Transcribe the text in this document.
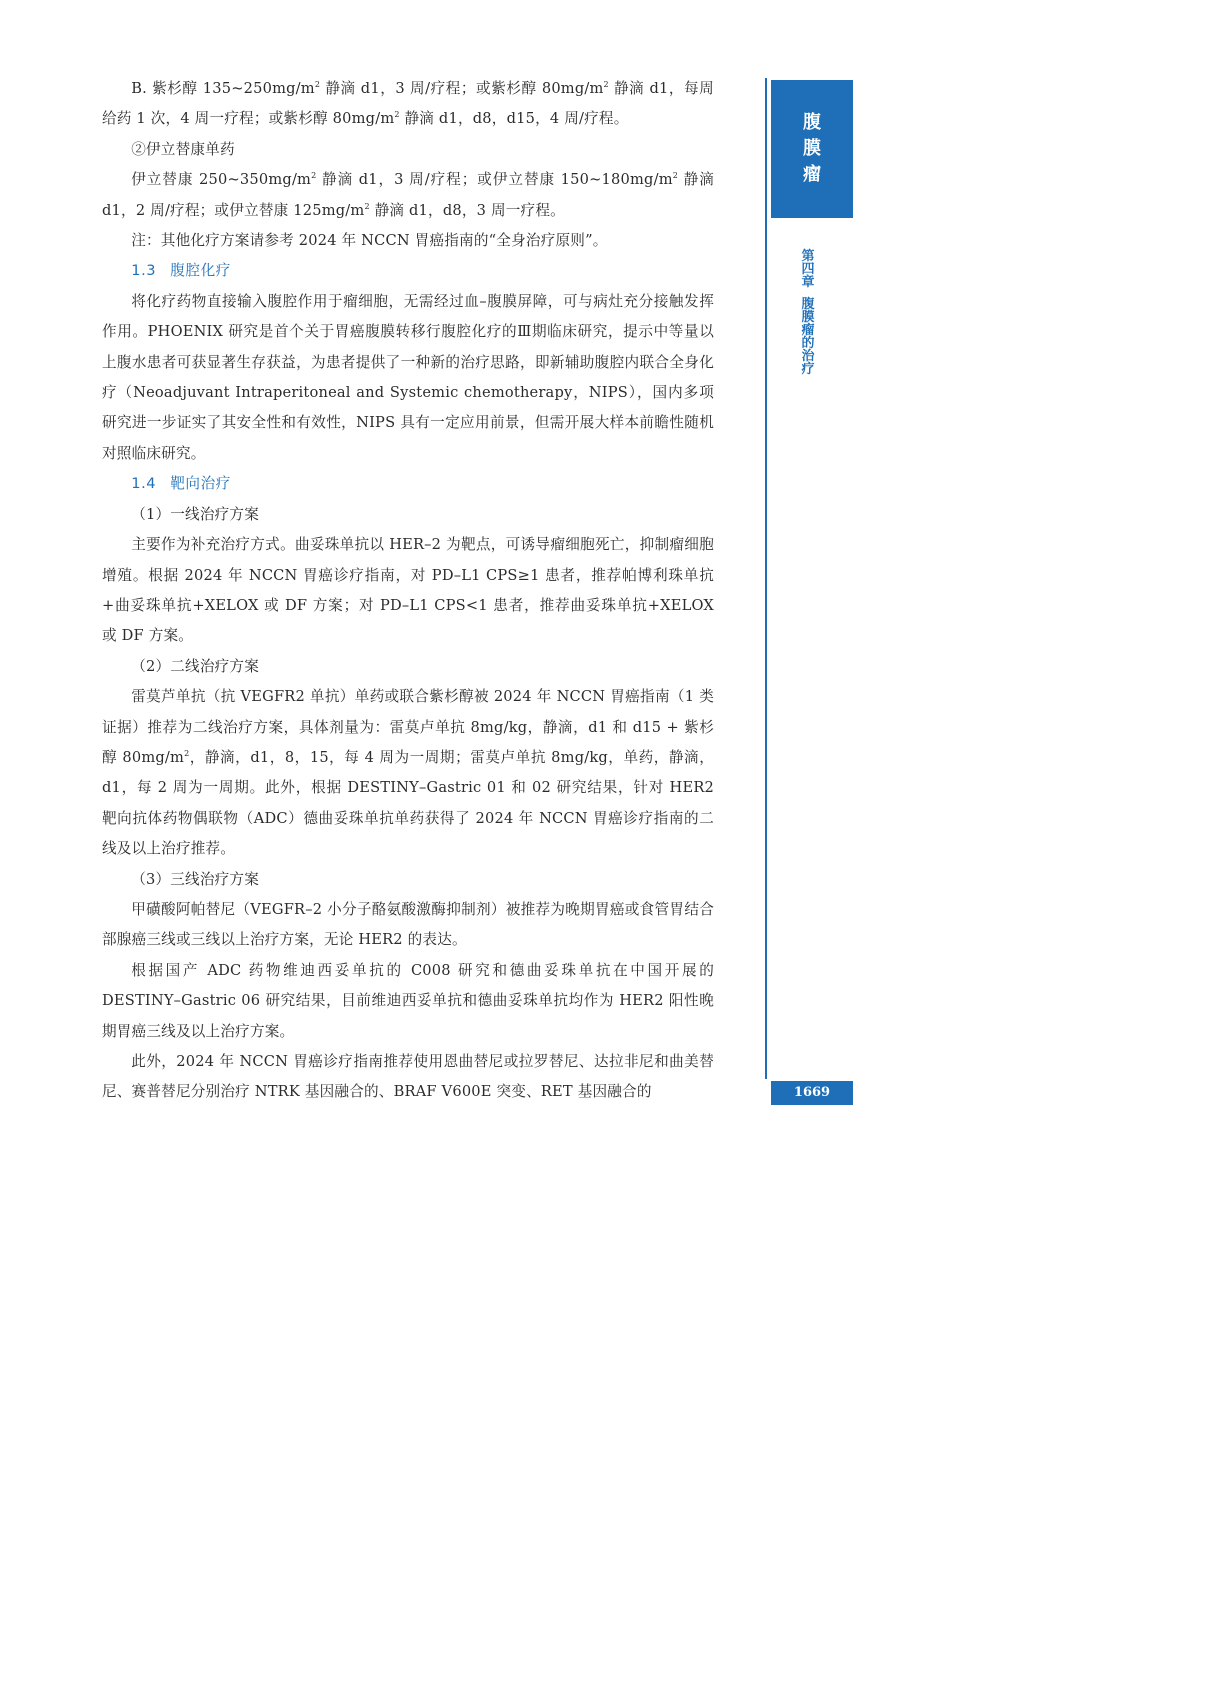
B. 紫杉醇 $135\sim 250mg/m^2$ 静滴 d1，3 周/疗程；或紫杉醇 $80mg/m^2$ 静滴 d1，每周给药 1 次，4 周一疗程；或紫杉醇 $80mg/m^2$ 静滴 d1，d8，d15，4 周/疗程。

②伊立替康单药

伊立替康 $250\sim 350mg/m^2$ 静滴 d1，3 周/疗程；或伊立替康 $150\sim 180mg/m^2$ 静滴 d1，2 周/疗程；或伊立替康 $125mg/m^2$ 静滴 d1，d8，3 周一疗程。

注：其他化疗方案请参考 2024 年 NCCN 胃癌指南的“全身治疗原则”。

1.3 腹腔化疗

将化疗药物直接输入腹腔作用于瘤细胞，无需经过血–腹膜屏障，可与病灶充分接触发挥作用。PHOENIX 研究是首个关于胃癌腹膜转移行腹腔化疗的Ⅲ期临床研究，提示中等量以上腹水患者可获显著生存获益，为患者提供了一种新的治疗思路，即新辅助腹腔内联合全身化疗（Neoadjuvant Intraperitoneal and Systemic chemotherapy，NIPS），国内多项研究进一步证实了其安全性和有效性，NIPS 具有一定应用前景，但需开展大样本前瞻性随机对照临床研究。

1.4 靶向治疗

（1）一线治疗方案

主要作为补充治疗方式。曲妥珠单抗以 HER–2 为靶点，可诱导瘤细胞死亡，抑制瘤细胞增殖。根据 2024 年 NCCN 胃癌诊疗指南，对 PD–L1 CPS≥1 患者，推荐帕博利珠单抗+曲妥珠单抗+XELOX 或 DF 方案；对 PD–L1 CPS<1 患者，推荐曲妥珠单抗+XELOX 或 DF 方案。

（2）二线治疗方案

雷莫芦单抗（抗 VEGFR2 单抗）单药或联合紫杉醇被 2024 年 NCCN 胃癌指南（1 类证据）推荐为二线治疗方案，具体剂量为：雷莫卢单抗 8mg/kg，静滴，d1 和 d15 + 紫杉醇 $80mg/m^2$，静滴，d1，8，15，每 4 周为一周期；雷莫卢单抗 8mg/kg，单药，静滴，d1，每 2 周为一周期。此外，根据 DESTINY–Gastric 01 和 02 研究结果，针对 HER2 靶向抗体药物偶联物（ADC）德曲妥珠单抗单药获得了 2024 年 NCCN 胃癌诊疗指南的二线及以上治疗推荐。

（3）三线治疗方案

甲磺酸阿帕替尼（VEGFR–2 小分子酪氨酸激酶抑制剂）被推荐为晚期胃癌或食管胃结合部腺癌三线或三线以上治疗方案，无论 HER2 的表达。

根据国产 ADC 药物维迪西妥单抗的 C008 研究和德曲妥珠单抗在中国开展的 DESTINY–Gastric 06 研究结果，目前维迪西妥单抗和德曲妥珠单抗均作为 HER2 阳性晚期胃癌三线及以上治疗方案。

此外，2024 年 NCCN 胃癌诊疗指南推荐使用恩曲替尼或拉罗替尼、达拉非尼和曲美替尼、赛普替尼分别治疗 NTRK 基因融合的、BRAF V600E 突变、RET 基因融合的

腹
膜
瘤
第
四
章
腹
膜
瘤
的
治
疗
1669
